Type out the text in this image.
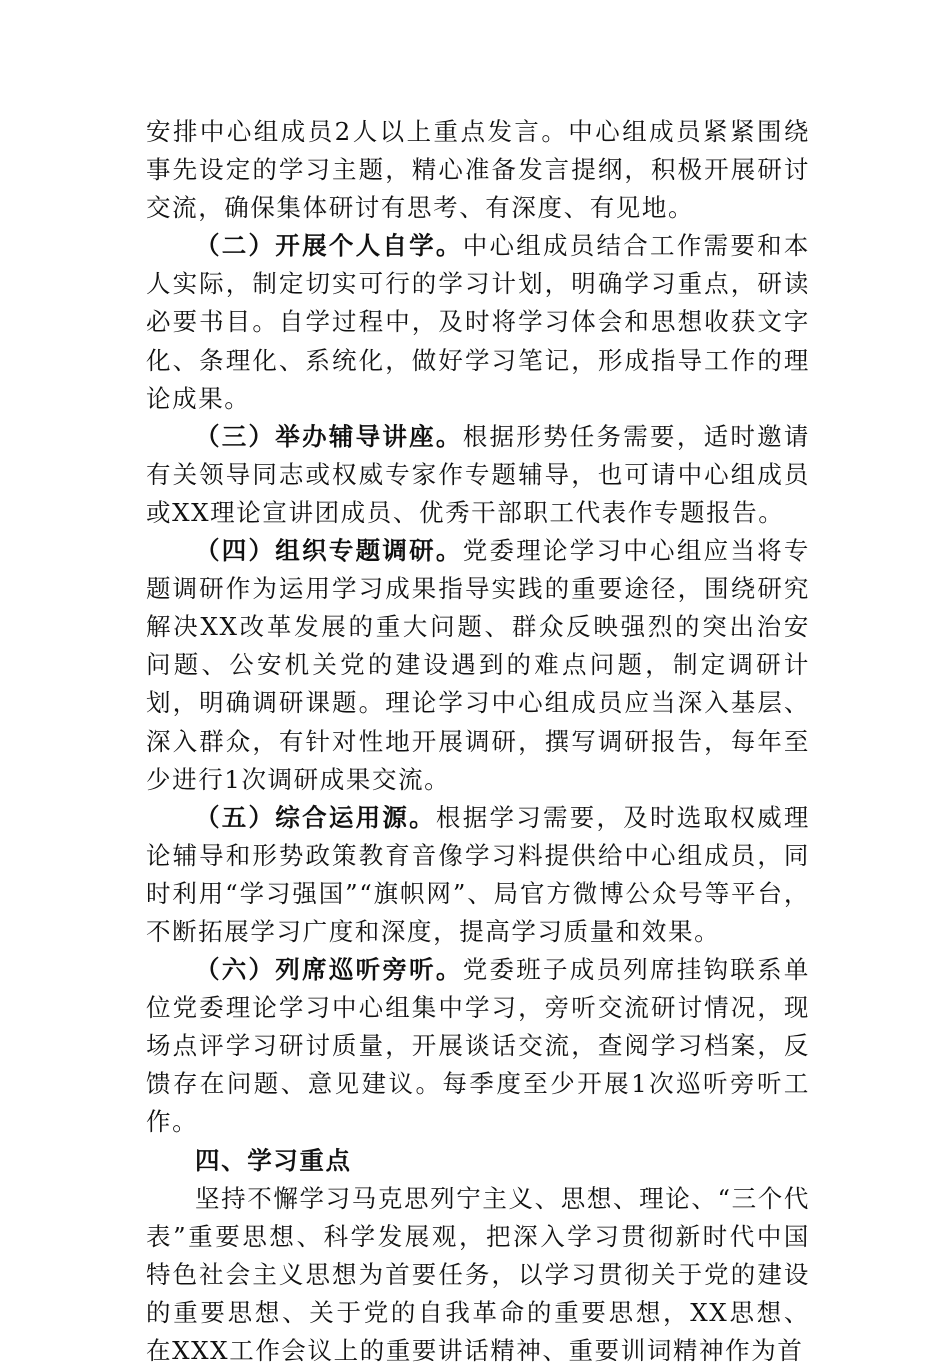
安排中心组成员2人以上重点发言。中心组成员紧紧围绕事先设定的学习主题，精心准备发言提纲，积极开展研讨交流，确保集体研讨有思考、有深度、有见地。

（二）开展个人自学。中心组成员结合工作需要和本人实际，制定切实可行的学习计划，明确学习重点，研读必要书目。自学过程中，及时将学习体会和思想收获文字化、条理化、系统化，做好学习笔记，形成指导工作的理论成果。

（三）举办辅导讲座。根据形势任务需要，适时邀请有关领导同志或权威专家作专题辅导，也可请中心组成员或XX理论宣讲团成员、优秀干部职工代表作专题报告。

（四）组织专题调研。党委理论学习中心组应当将专题调研作为运用学习成果指导实践的重要途径，围绕研究解决XX改革发展的重大问题、群众反映强烈的突出治安问题、公安机关党的建设遇到的难点问题，制定调研计划，明确调研课题。理论学习中心组成员应当深入基层、深入群众，有针对性地开展调研，撰写调研报告，每年至少进行1次调研成果交流。

（五）综合运用源。根据学习需要，及时选取权威理论辅导和形势政策教育音像学习料提供给中心组成员，同时利用“学习强国”“旗帜网”、局官方微博公众号等平台，不断拓展学习广度和深度，提高学习质量和效果。

（六）列席巡听旁听。党委班子成员列席挂钩联系单位党委理论学习中心组集中学习，旁听交流研讨情况，现场点评学习研讨质量，开展谈话交流，查阅学习档案，反馈存在问题、意见建议。每季度至少开展1次巡听旁听工作。

四、学习重点

坚持不懈学习马克思列宁主义、思想、理论、“三个代表”重要思想、科学发展观，把深入学习贯彻新时代中国特色社会主义思想为首要任务，以学习贯彻关于党的建设的重要思想、关于党的自我革命的重要思想，XX思想、在XXX工作会议上的重要讲话精神、重要训词精神作为首
